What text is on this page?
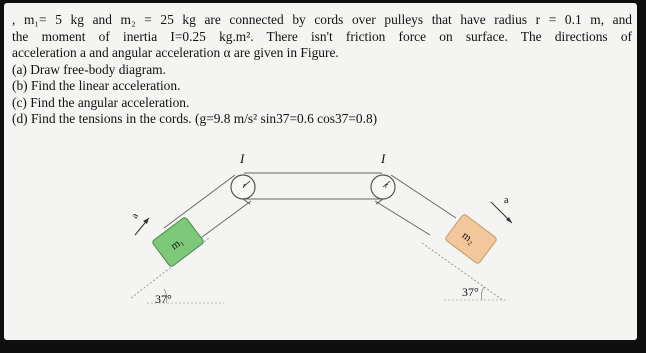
, m₁= 5 kg and m₂ = 25 kg are connected by cords over pulleys that have radius r = 0.1 m, and

the moment of inertia I=0.25 kg.m². There isn't friction force on surface. The directions of

acceleration a and angular acceleration α are given in Figure.

(a) Draw free-body diagram.

(b) Find the linear acceleration.

(c) Find the angular acceleration.

(d) Find the tensions in the cords. (g=9.8 m/s² sin37=0.6 cos37=0.8)

I
r
I
r
m₁	m₂
a
a
37°	37°
